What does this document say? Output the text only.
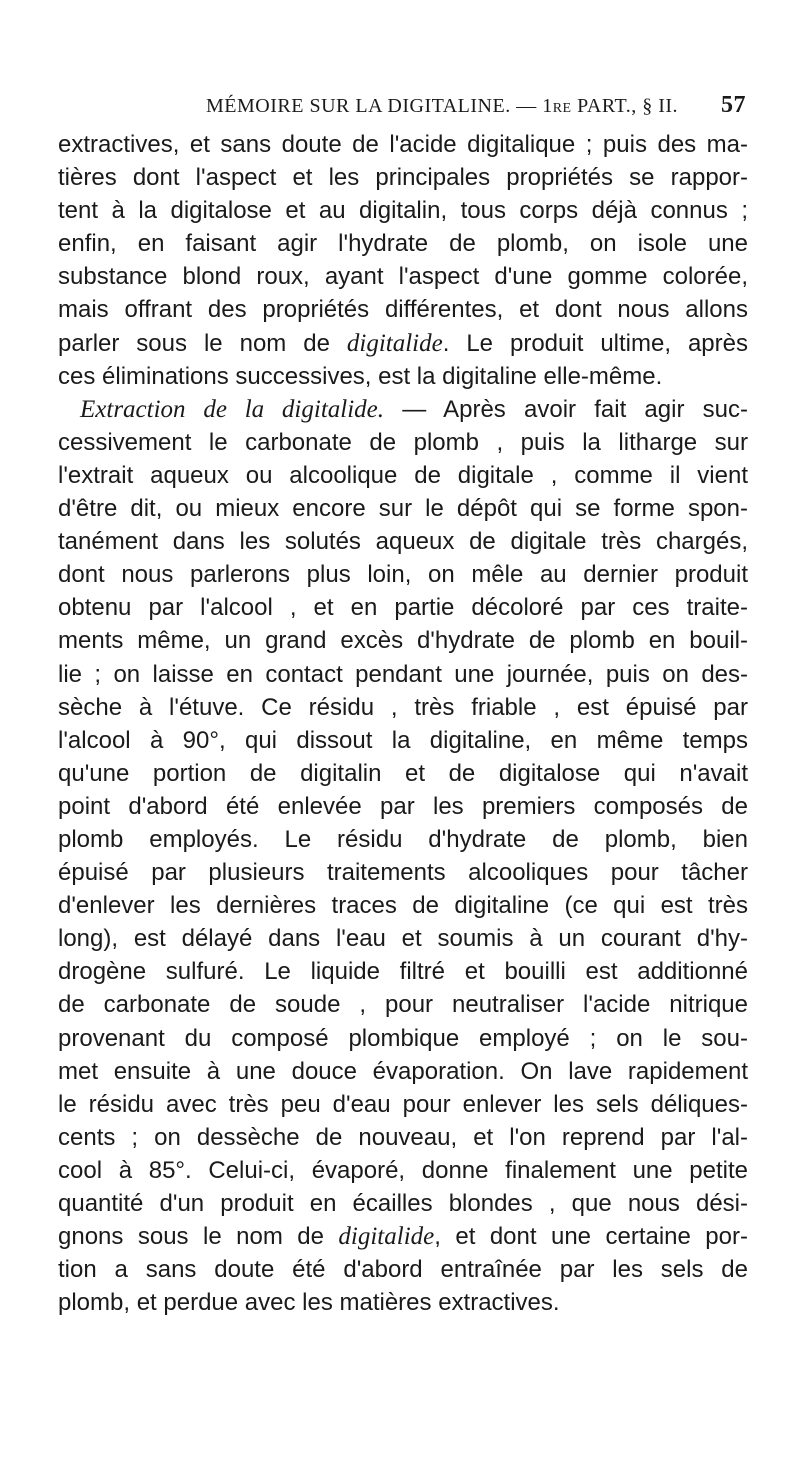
MÉMOIRE SUR LA DIGITALINE. — 1re PART., § II. 57
extractives, et sans doute de l'acide digitalique ; puis des ma-
tières dont l'aspect et les principales propriétés se rappor-
tent à la digitalose et au digitalin, tous corps déjà connus ;
enfin, en faisant agir l'hydrate de plomb, on isole une
substance blond roux, ayant l'aspect d'une gomme colorée,
mais offrant des propriétés différentes, et dont nous allons
parler sous le nom de digitalide. Le produit ultime, après
ces éliminations successives, est la digitaline elle-même.
Extraction de la digitalide. — Après avoir fait agir suc-
cessivement le carbonate de plomb , puis la litharge sur
l'extrait aqueux ou alcoolique de digitale , comme il vient
d'être dit, ou mieux encore sur le dépôt qui se forme spon-
tanément dans les solutés aqueux de digitale très chargés,
dont nous parlerons plus loin, on mêle au dernier produit
obtenu par l'alcool , et en partie décoloré par ces traite-
ments même, un grand excès d'hydrate de plomb en bouil-
lie ; on laisse en contact pendant une journée, puis on des-
sèche à l'étuve. Ce résidu , très friable , est épuisé par
l'alcool à 90°, qui dissout la digitaline, en même temps
qu'une portion de digitalin et de digitalose qui n'avait
point d'abord été enlevée par les premiers composés de
plomb employés. Le résidu d'hydrate de plomb, bien
épuisé par plusieurs traitements alcooliques pour tâcher
d'enlever les dernières traces de digitaline (ce qui est très
long), est délayé dans l'eau et soumis à un courant d'hy-
drogène sulfuré. Le liquide filtré et bouilli est additionné
de carbonate de soude , pour neutraliser l'acide nitrique
provenant du composé plombique employé ; on le sou-
met ensuite à une douce évaporation. On lave rapidement
le résidu avec très peu d'eau pour enlever les sels déliques-
cents ; on dessèche de nouveau, et l'on reprend par l'al-
cool à 85°. Celui-ci, évaporé, donne finalement une petite
quantité d'un produit en écailles blondes , que nous dési-
gnons sous le nom de digitalide, et dont une certaine por-
tion a sans doute été d'abord entraînée par les sels de
plomb, et perdue avec les matières extractives.
